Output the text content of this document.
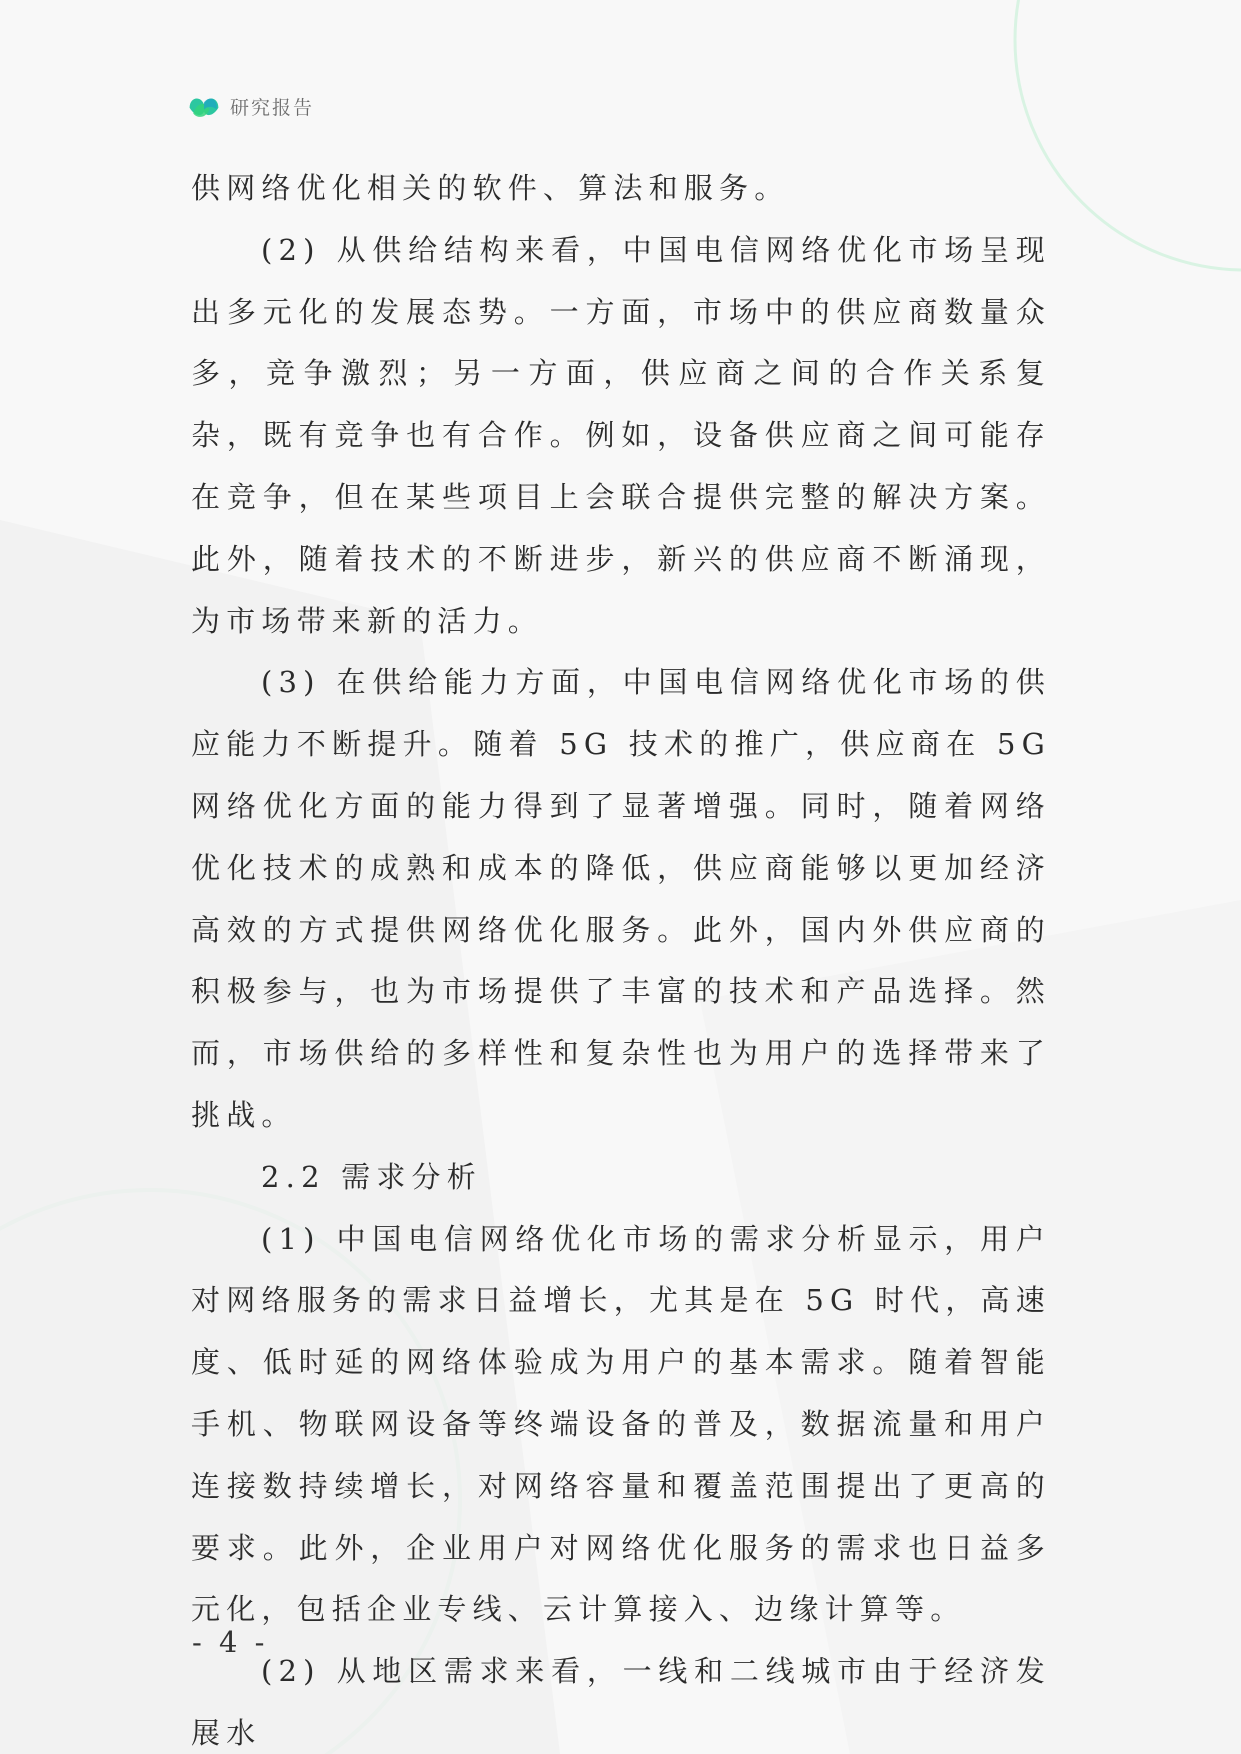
研究报告

供网络优化相关的软件、算法和服务。

(2) 从供给结构来看，中国电信网络优化市场呈现出多元化的发展态势。一方面，市场中的供应商数量众多，竞争激烈；另一方面，供应商之间的合作关系复杂，既有竞争也有合作。例如，设备供应商之间可能存在竞争，但在某些项目上会联合提供完整的解决方案。此外，随着技术的不断进步，新兴的供应商不断涌现，为市场带来新的活力。

(3) 在供给能力方面，中国电信网络优化市场的供应能力不断提升。随着 5G 技术的推广，供应商在 5G 网络优化方面的能力得到了显著增强。同时，随着网络优化技术的成熟和成本的降低，供应商能够以更加经济高效的方式提供网络优化服务。此外，国内外供应商的积极参与，也为市场提供了丰富的技术和产品选择。然而，市场供给的多样性和复杂性也为用户的选择带来了挑战。

2.2 需求分析

(1) 中国电信网络优化市场的需求分析显示，用户对网络服务的需求日益增长，尤其是在 5G 时代，高速度、低时延的网络体验成为用户的基本需求。随着智能手机、物联网设备等终端设备的普及，数据流量和用户连接数持续增长，对网络容量和覆盖范围提出了更高的要求。此外，企业用户对网络优化服务的需求也日益多元化，包括企业专线、云计算接入、边缘计算等。

(2) 从地区需求来看，一线和二线城市由于经济发展水

- 4 -
